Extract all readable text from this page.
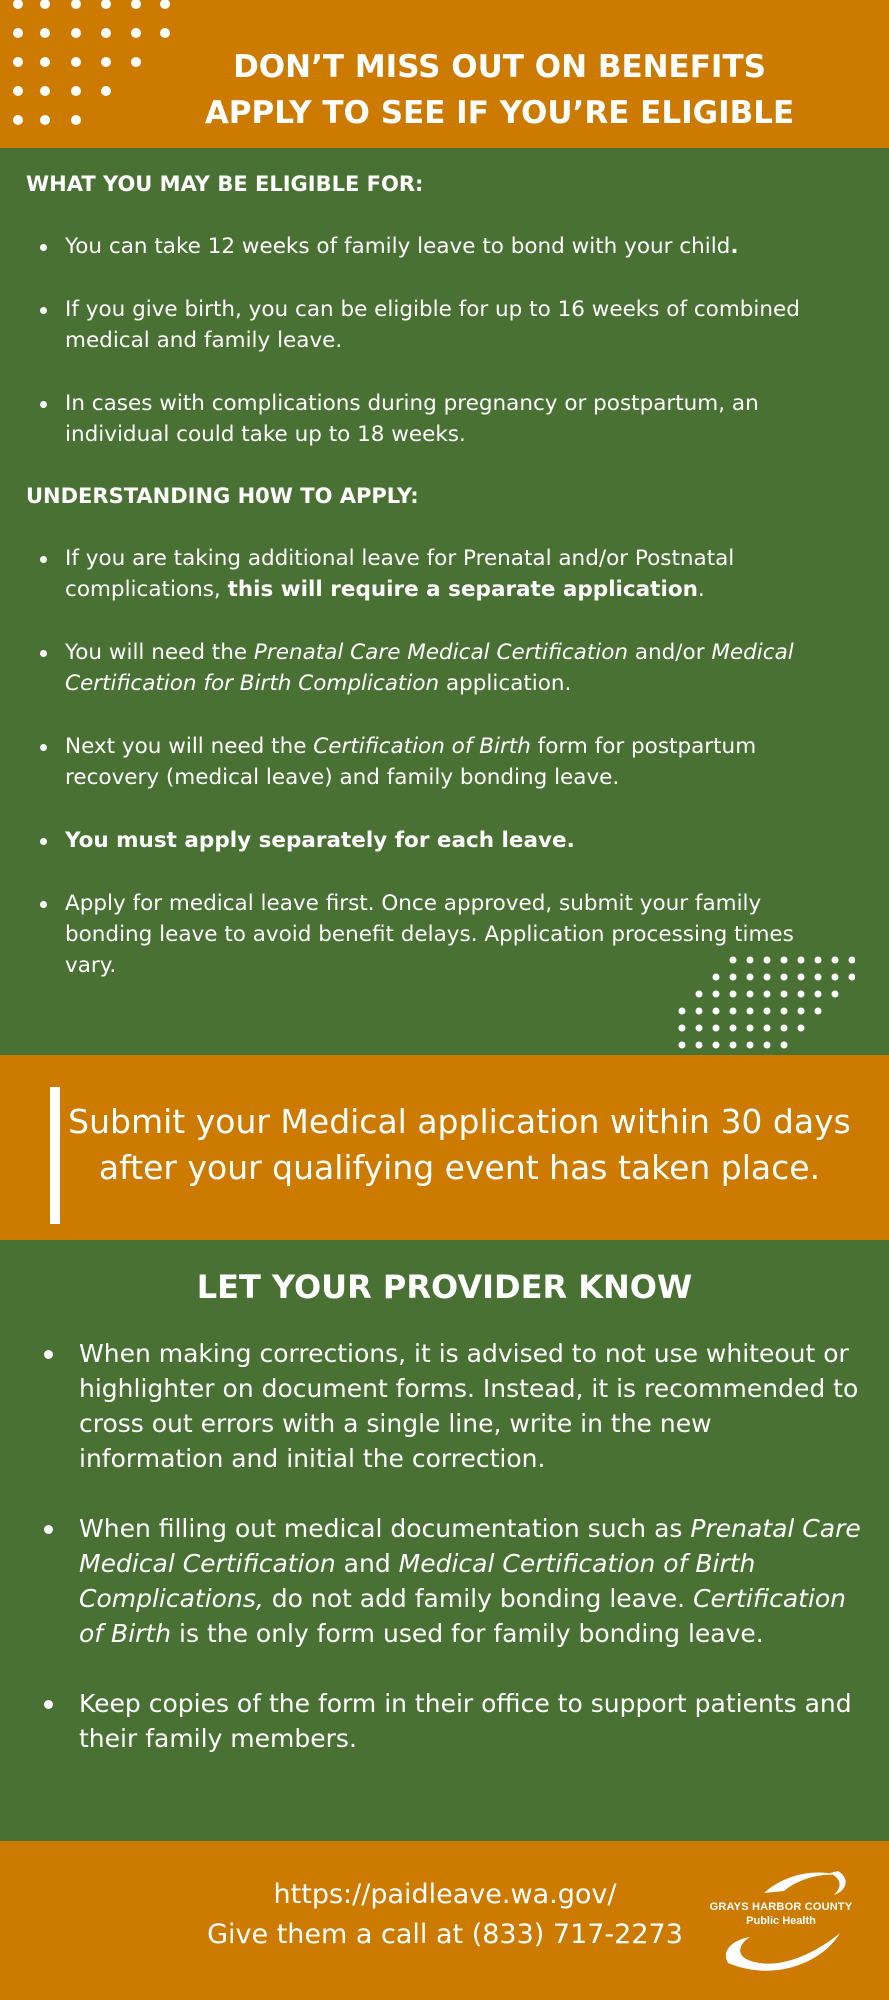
DON’T MISS OUT ON BENEFITS
APPLY TO SEE IF YOU’RE ELIGIBLE
WHAT YOU MAY BE ELIGIBLE FOR:
You can take 12 weeks of family leave to bond with your child.
If you give birth, you can be eligible for up to 16 weeks of combined medical and family leave.
In cases with complications during pregnancy or postpartum, an individual could take up to 18 weeks.
UNDERSTANDING H0W TO APPLY:
If you are taking additional leave for Prenatal and/or Postnatal complications, this will require a separate application.
You will need the Prenatal Care Medical Certification and/or Medical Certification for Birth Complication application.
Next you will need the Certification of Birth form for postpartum recovery (medical leave) and family bonding leave.
You must apply separately for each leave.
Apply for medical leave first. Once approved, submit your family bonding leave to avoid benefit delays. Application processing times vary.

Submit your Medical application within 30 days after your qualifying event has taken place.

LET YOUR PROVIDER KNOW
When making corrections, it is advised to not use whiteout or highlighter on document forms. Instead, it is recommended to cross out errors with a single line, write in the new information and initial the correction.
When filling out medical documentation such as Prenatal Care Medical Certification and Medical Certification of Birth Complications, do not add family bonding leave. Certification of Birth is the only form used for family bonding leave.
Keep copies of the form in their office to support patients and their family members.

https://paidleave.wa.gov/

Give them a call at (833) 717-2273

GRAYS HARBOR COUNTY

Public Health
